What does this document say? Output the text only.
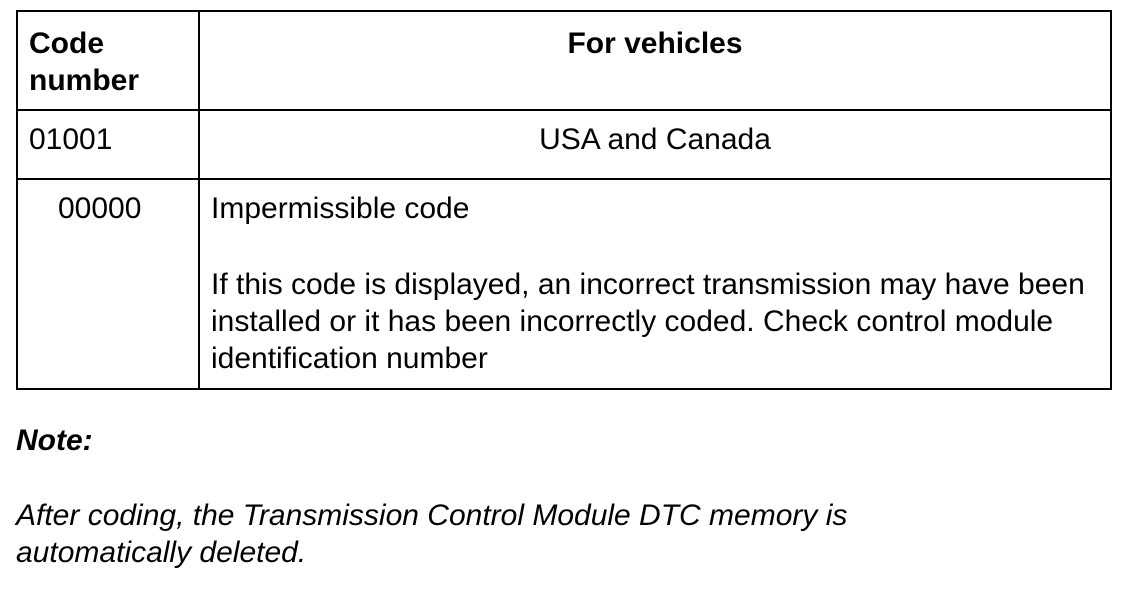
Code number	For vehicles
01001	USA and Canada
00000	Impermissible code
If this code is displayed, an incorrect transmission may have been installed or it has been incorrectly coded. Check control module identification number

Note:

After coding, the Transmission Control Module DTC memory is automatically deleted.
